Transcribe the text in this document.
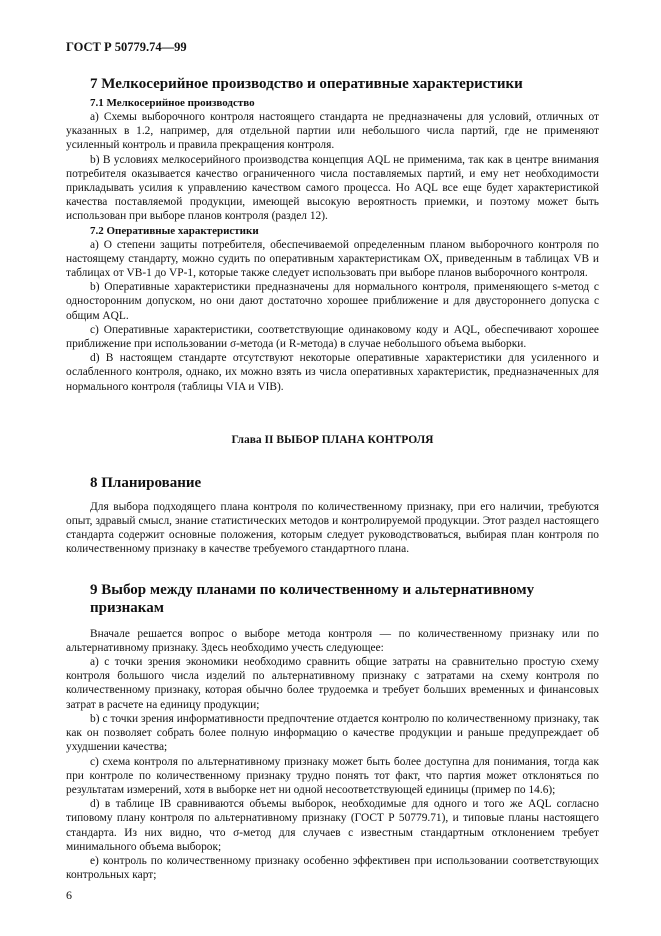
ГОСТ Р 50779.74—99
7 Мелкосерийное производство и оперативные характеристики
7.1 Мелкосерийное производство

а) Схемы выборочного контроля настоящего стандарта не предназначены для условий, отличных от указанных в 1.2, например, для отдельной партии или небольшого числа партий, где не применяют усиленный контроль и правила прекращения контроля.

b) В условиях мелкосерийного производства концепция AQL не применима, так как в центре внимания потребителя оказывается качество ограниченного числа поставляемых партий, и ему нет необходимости прикладывать усилия к управлению качеством самого процесса. Но AQL все еще будет характеристикой качества поставляемой продукции, имеющей высокую вероятность приемки, и поэтому может быть использован при выборе планов контроля (раздел 12).

7.2 Оперативные характеристики

а) О степени защиты потребителя, обеспечиваемой определенным планом выборочного контроля по настоящему стандарту, можно судить по оперативным характеристикам ОХ, приведенным в таблицах VB и таблицах от VB-1 до VP-1, которые также следует использовать при выборе планов выборочного контроля.

b) Оперативные характеристики предназначены для нормального контроля, применяющего s-метод с односторонним допуском, но они дают достаточно хорошее приближение и для двустороннего допуска с общим AQL.

c) Оперативные характеристики, соответствующие одинаковому коду и AQL, обеспечивают хорошее приближение при использовании σ-метода (и R-метода) в случае небольшого объема выборки.

d) В настоящем стандарте отсутствуют некоторые оперативные характеристики для усиленного и ослабленного контроля, однако, их можно взять из числа оперативных характеристик, предназначенных для нормального контроля (таблицы VIA и VIB).

Глава II ВЫБОР ПЛАНА КОНТРОЛЯ
8 Планирование

Для выбора подходящего плана контроля по количественному признаку, при его наличии, требуются опыт, здравый смысл, знание статистических методов и контролируемой продукции. Этот раздел настоящего стандарта содержит основные положения, которым следует руководствоваться, выбирая план контроля по количественному признаку в качестве требуемого стандартного плана.

9 Выбор между планами по количественному и альтернативному признакам

Вначале решается вопрос о выборе метода контроля — по количественному признаку или по альтернативному признаку. Здесь необходимо учесть следующее:

а) с точки зрения экономики необходимо сравнить общие затраты на сравнительно простую схему контроля большого числа изделий по альтернативному признаку с затратами на схему контроля по количественному признаку, которая обычно более трудоемка и требует больших временных и финансовых затрат в расчете на единицу продукции;

b) с точки зрения информативности предпочтение отдается контролю по количественному признаку, так как он позволяет собрать более полную информацию о качестве продукции и раньше предупреждает об ухудшении качества;

c) схема контроля по альтернативному признаку может быть более доступна для понимания, тогда как при контроле по количественному признаку трудно понять тот факт, что партия может отклоняться по результатам измерений, хотя в выборке нет ни одной несоответствующей единицы (пример по 14.6);

d) в таблице IB сравниваются объемы выборок, необходимые для одного и того же AQL согласно типовому плану контроля по альтернативному признаку (ГОСТ Р 50779.71), и типовые планы настоящего стандарта. Из них видно, что σ-метод для случаев с известным стандартным отклонением требует минимального объема выборок;

e) контроль по количественному признаку особенно эффективен при использовании соответствующих контрольных карт;

6
